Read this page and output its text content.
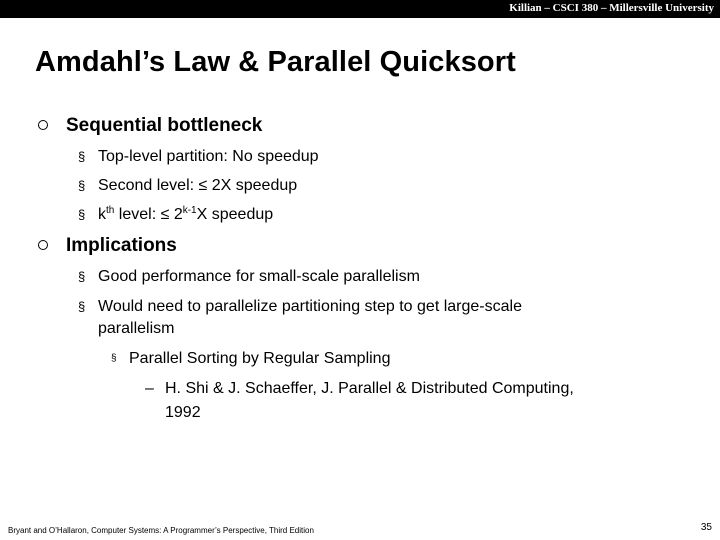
Killian – CSCI 380 – Millersville University
Amdahl’s Law & Parallel Quicksort
Sequential bottleneck
§ Top-level partition: No speedup
§ Second level: ≤ 2X speedup
§ $k^{th}$ level: ≤ $2^{k-1}X$ speedup
Implications
§ Good performance for small-scale parallelism
§ Would need to parallelize partitioning step to get large-scale
parallelism
§ Parallel Sorting by Regular Sampling
– H. Shi & J. Schaeffer, J. Parallel & Distributed Computing,
1992
Bryant and O’Hallaron, Computer Systems: A Programmer’s Perspective, Third Edition	35
